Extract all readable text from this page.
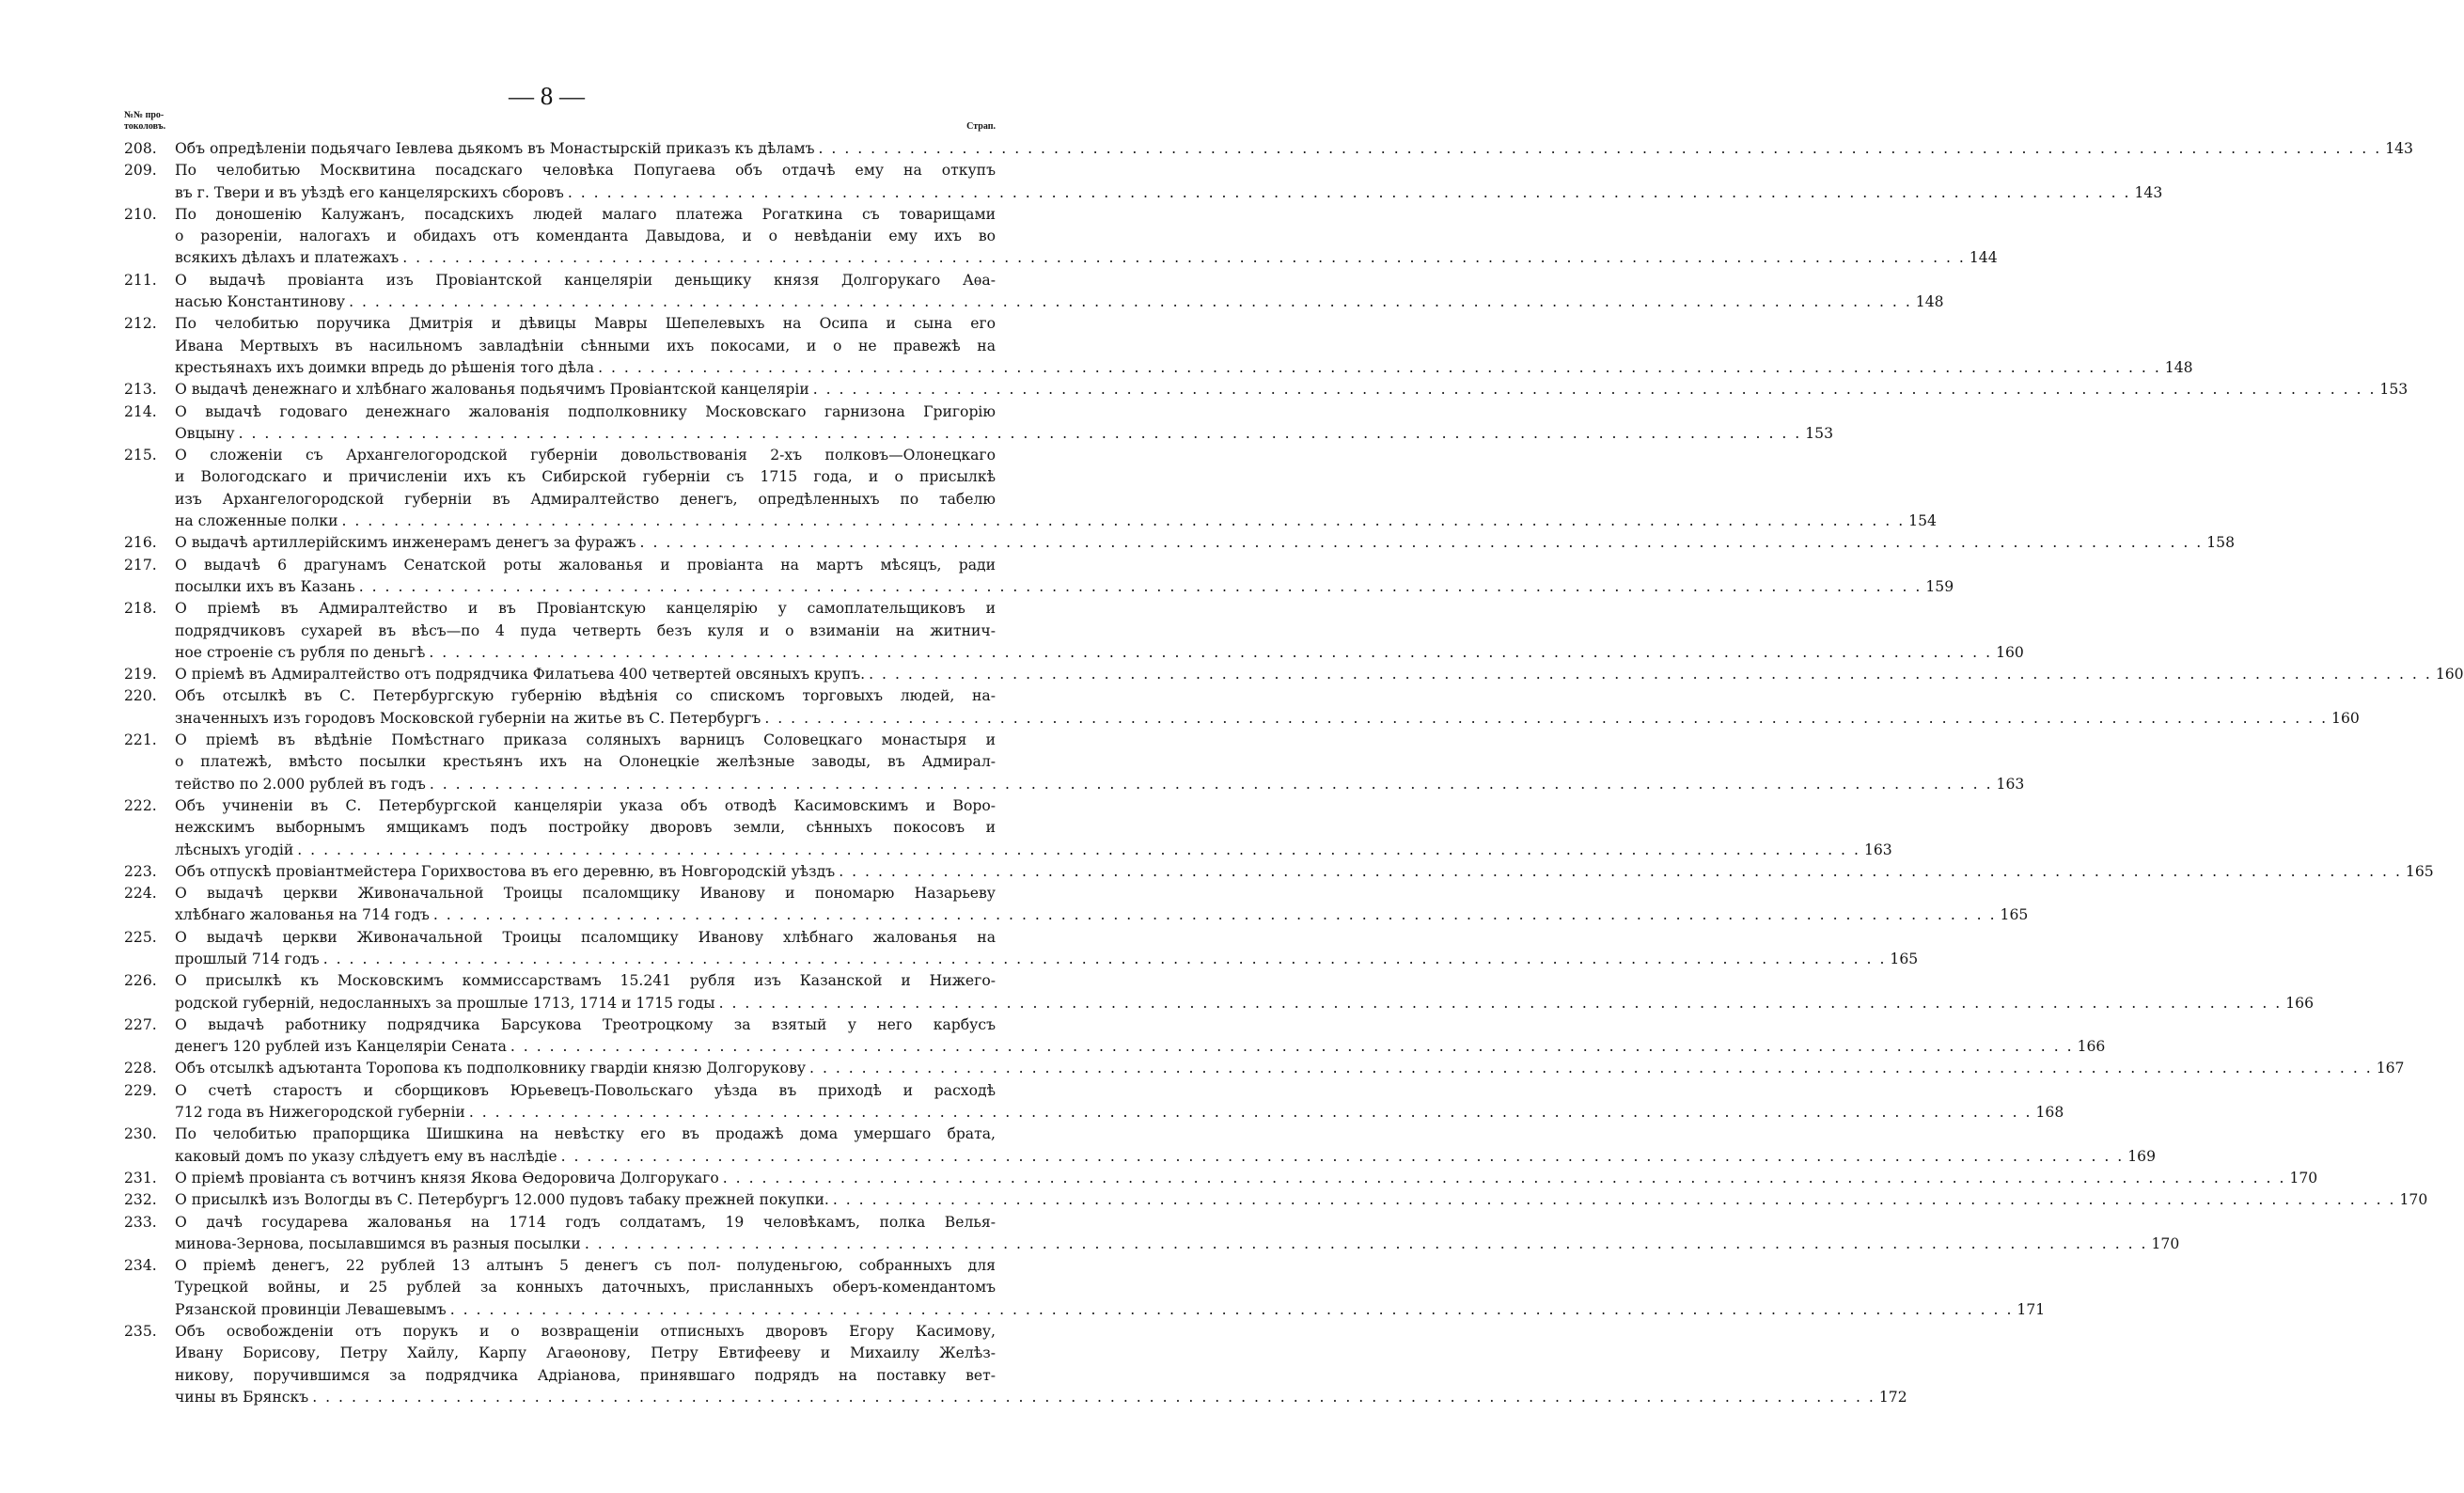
— 8 —
№№ про-
токоловъ.	Страп.
208.	Объ опредѣленіи подьячаго Іевлева дьякомъ въ Монастырскій приказъ къ дѣламъ . . . . . . . . . . . . . . . . . . . . . . . . . . . . . . . . . . . . . . . . . . . . . . . . . . . . . . . . . . . . . . . . . . . . . . . . . . . . . . . . . . . . . . . . . . . . . . . . . . . . . . . . . . . . . . . . . . . . . . . . 143
209.	По челобитью Москвитина посадскаго человѣка Попугаева объ отдачѣ ему на откупъ
въ г. Твери и въ уѣздѣ его канцелярскихъ сборовъ . . . . . . . . . . . . . . . . . . . . . . . . . . . . . . . . . . . . . . . . . . . . . . . . . . . . . . . . . . . . . . . . . . . . . . . . . . . . . . . . . . . . . . . . . . . . . . . . . . . . . . . . . . . . . . . . . . . . . . . . 143
210.	По доношенію Калужанъ, посадскихъ людей малаго платежа Рогаткина съ товарищами
о разореніи, налогахъ и обидахъ отъ коменданта Давыдова, и о невѣданіи ему ихъ во
всякихъ дѣлахъ и платежахъ . . . . . . . . . . . . . . . . . . . . . . . . . . . . . . . . . . . . . . . . . . . . . . . . . . . . . . . . . . . . . . . . . . . . . . . . . . . . . . . . . . . . . . . . . . . . . . . . . . . . . . . . . . . . . . . . . . . . . . . . 144
211.	О выдачѣ провіанта изъ Провіантской канцеляріи деньщику князя Долгорукаго Аѳа-
насью Константинову . . . . . . . . . . . . . . . . . . . . . . . . . . . . . . . . . . . . . . . . . . . . . . . . . . . . . . . . . . . . . . . . . . . . . . . . . . . . . . . . . . . . . . . . . . . . . . . . . . . . . . . . . . . . . . . . . . . . . . . . 148
212.	По челобитью поручика Дмитрія и дѣвицы Мавры Шепелевыхъ на Осипа и сына его
Ивана Мертвыхъ въ насильномъ завладѣніи сѣнными ихъ покосами, и о не правежѣ на
крестьянахъ ихъ доимки впредь до рѣшенія того дѣла . . . . . . . . . . . . . . . . . . . . . . . . . . . . . . . . . . . . . . . . . . . . . . . . . . . . . . . . . . . . . . . . . . . . . . . . . . . . . . . . . . . . . . . . . . . . . . . . . . . . . . . . . . . . . . . . . . . . . . . . 148
213.	О выдачѣ денежнаго и хлѣбнаго жалованья подьячимъ Провіантской канцеляріи . . . . . . . . . . . . . . . . . . . . . . . . . . . . . . . . . . . . . . . . . . . . . . . . . . . . . . . . . . . . . . . . . . . . . . . . . . . . . . . . . . . . . . . . . . . . . . . . . . . . . . . . . . . . . . . . . . . . . . . . 153
214.	О выдачѣ годоваго денежнаго жалованія подполковнику Московскаго гарнизона Григорію
Овцыну . . . . . . . . . . . . . . . . . . . . . . . . . . . . . . . . . . . . . . . . . . . . . . . . . . . . . . . . . . . . . . . . . . . . . . . . . . . . . . . . . . . . . . . . . . . . . . . . . . . . . . . . . . . . . . . . . . . . . . . . 153
215.	О сложеніи съ Архангелогородской губерніи довольствованія 2-хъ полковъ—Олонецкаго
и Вологодскаго и причисленіи ихъ къ Сибирской губерніи съ 1715 года, и о присылкѣ
изъ Архангелогородской губерніи въ Адмиралтейство денегъ, опредѣленныхъ по табелю
на сложенные полки . . . . . . . . . . . . . . . . . . . . . . . . . . . . . . . . . . . . . . . . . . . . . . . . . . . . . . . . . . . . . . . . . . . . . . . . . . . . . . . . . . . . . . . . . . . . . . . . . . . . . . . . . . . . . . . . . . . . . . . . 154
216.	О выдачѣ артиллерійскимъ инженерамъ денегъ за фуражъ . . . . . . . . . . . . . . . . . . . . . . . . . . . . . . . . . . . . . . . . . . . . . . . . . . . . . . . . . . . . . . . . . . . . . . . . . . . . . . . . . . . . . . . . . . . . . . . . . . . . . . . . . . . . . . . . . . . . . . . . 158
217.	О выдачѣ 6 драгунамъ Сенатской роты жалованья и провіанта на мартъ мѣсяцъ, ради
посылки ихъ въ Казань . . . . . . . . . . . . . . . . . . . . . . . . . . . . . . . . . . . . . . . . . . . . . . . . . . . . . . . . . . . . . . . . . . . . . . . . . . . . . . . . . . . . . . . . . . . . . . . . . . . . . . . . . . . . . . . . . . . . . . . . 159
218.	О пріемѣ въ Адмиралтейство и въ Провіантскую канцелярію у самоплательщиковъ и
подрядчиковъ сухарей въ вѣсъ—по 4 пуда четверть безъ куля и о взиманіи на житнич-
ное строеніе съ рубля по деньгѣ . . . . . . . . . . . . . . . . . . . . . . . . . . . . . . . . . . . . . . . . . . . . . . . . . . . . . . . . . . . . . . . . . . . . . . . . . . . . . . . . . . . . . . . . . . . . . . . . . . . . . . . . . . . . . . . . . . . . . . . . 160
219.	О пріемѣ въ Адмиралтейство отъ подрядчика Филатьева 400 четвертей овсяныхъ крупъ. . . . . . . . . . . . . . . . . . . . . . . . . . . . . . . . . . . . . . . . . . . . . . . . . . . . . . . . . . . . . . . . . . . . . . . . . . . . . . . . . . . . . . . . . . . . . . . . . . . . . . . . . . . . . . . . . . . . . . . . . 160
220.	Объ отсылкѣ въ С. Петербургскую губернію вѣдѣнія со спискомъ торговыхъ людей, на-
значенныхъ изъ городовъ Московской губерніи на житье въ С. Петербургъ . . . . . . . . . . . . . . . . . . . . . . . . . . . . . . . . . . . . . . . . . . . . . . . . . . . . . . . . . . . . . . . . . . . . . . . . . . . . . . . . . . . . . . . . . . . . . . . . . . . . . . . . . . . . . . . . . . . . . . . . 160
221.	О пріемѣ въ вѣдѣніе Помѣстнаго приказа соляныхъ варницъ Соловецкаго монастыря и
о платежѣ, вмѣсто посылки крестьянъ ихъ на Олонецкіе желѣзные заводы, въ Адмирал-
тейство по 2.000 рублей въ годъ . . . . . . . . . . . . . . . . . . . . . . . . . . . . . . . . . . . . . . . . . . . . . . . . . . . . . . . . . . . . . . . . . . . . . . . . . . . . . . . . . . . . . . . . . . . . . . . . . . . . . . . . . . . . . . . . . . . . . . . . 163
222.	Объ учиненіи въ С. Петербургской канцеляріи указа объ отводѣ Касимовскимъ и Воро-
нежскимъ выборнымъ ямщикамъ подъ постройку дворовъ земли, сѣнныхъ покосовъ и
лѣсныхъ угодій . . . . . . . . . . . . . . . . . . . . . . . . . . . . . . . . . . . . . . . . . . . . . . . . . . . . . . . . . . . . . . . . . . . . . . . . . . . . . . . . . . . . . . . . . . . . . . . . . . . . . . . . . . . . . . . . . . . . . . . . 163
223.	Объ отпускѣ провіантмейстера Горихвостова въ его деревню, въ Новгородскій уѣздъ . . . . . . . . . . . . . . . . . . . . . . . . . . . . . . . . . . . . . . . . . . . . . . . . . . . . . . . . . . . . . . . . . . . . . . . . . . . . . . . . . . . . . . . . . . . . . . . . . . . . . . . . . . . . . . . . . . . . . . . . 165
224.	О выдачѣ церкви Живоначальной Троицы псаломщику Иванову и пономарю Назарьеву
хлѣбнаго жалованья на 714 годъ . . . . . . . . . . . . . . . . . . . . . . . . . . . . . . . . . . . . . . . . . . . . . . . . . . . . . . . . . . . . . . . . . . . . . . . . . . . . . . . . . . . . . . . . . . . . . . . . . . . . . . . . . . . . . . . . . . . . . . . . 165
225.	О выдачѣ церкви Живоначальной Троицы псаломщику Иванову хлѣбнаго жалованья на
прошлый 714 годъ . . . . . . . . . . . . . . . . . . . . . . . . . . . . . . . . . . . . . . . . . . . . . . . . . . . . . . . . . . . . . . . . . . . . . . . . . . . . . . . . . . . . . . . . . . . . . . . . . . . . . . . . . . . . . . . . . . . . . . . . 165
226.	О присылкѣ къ Московскимъ коммиссарствамъ 15.241 рубля изъ Казанской и Нижего-
родской губерній, недосланныхъ за прошлые 1713, 1714 и 1715 годы . . . . . . . . . . . . . . . . . . . . . . . . . . . . . . . . . . . . . . . . . . . . . . . . . . . . . . . . . . . . . . . . . . . . . . . . . . . . . . . . . . . . . . . . . . . . . . . . . . . . . . . . . . . . . . . . . . . . . . . . 166
227.	О выдачѣ работнику подрядчика Барсукова Треотроцкому за взятый у него карбусъ
денегъ 120 рублей изъ Канцеляріи Сената . . . . . . . . . . . . . . . . . . . . . . . . . . . . . . . . . . . . . . . . . . . . . . . . . . . . . . . . . . . . . . . . . . . . . . . . . . . . . . . . . . . . . . . . . . . . . . . . . . . . . . . . . . . . . . . . . . . . . . . . 166
228.	Объ отсылкѣ адъютанта Торопова къ подполковнику гвардіи князю Долгорукову . . . . . . . . . . . . . . . . . . . . . . . . . . . . . . . . . . . . . . . . . . . . . . . . . . . . . . . . . . . . . . . . . . . . . . . . . . . . . . . . . . . . . . . . . . . . . . . . . . . . . . . . . . . . . . . . . . . . . . . . 167
229.	О счетѣ старостъ и сборщиковъ Юрьевецъ-Повольскаго уѣзда въ приходѣ и расходѣ
712 года въ Нижегородской губерніи . . . . . . . . . . . . . . . . . . . . . . . . . . . . . . . . . . . . . . . . . . . . . . . . . . . . . . . . . . . . . . . . . . . . . . . . . . . . . . . . . . . . . . . . . . . . . . . . . . . . . . . . . . . . . . . . . . . . . . . . 168
230.	По челобитью прапорщика Шишкина на невѣстку его въ продажѣ дома умершаго брата,
каковый домъ по указу слѣдуетъ ему въ наслѣдіе . . . . . . . . . . . . . . . . . . . . . . . . . . . . . . . . . . . . . . . . . . . . . . . . . . . . . . . . . . . . . . . . . . . . . . . . . . . . . . . . . . . . . . . . . . . . . . . . . . . . . . . . . . . . . . . . . . . . . . . . 169
231.	О пріемѣ провіанта съ вотчинъ князя Якова Ѳедоровича Долгорукаго . . . . . . . . . . . . . . . . . . . . . . . . . . . . . . . . . . . . . . . . . . . . . . . . . . . . . . . . . . . . . . . . . . . . . . . . . . . . . . . . . . . . . . . . . . . . . . . . . . . . . . . . . . . . . . . . . . . . . . . . 170
232.	О присылкѣ изъ Вологды въ С. Петербургъ 12.000 пудовъ табаку прежней покупки. . . . . . . . . . . . . . . . . . . . . . . . . . . . . . . . . . . . . . . . . . . . . . . . . . . . . . . . . . . . . . . . . . . . . . . . . . . . . . . . . . . . . . . . . . . . . . . . . . . . . . . . . . . . . . . . . . . . . . . . . 170
233.	О дачѣ государева жалованья на 1714 годъ солдатамъ, 19 человѣкамъ, полка Велья-
минова-Зернова, посылавшимся въ разныя посылки . . . . . . . . . . . . . . . . . . . . . . . . . . . . . . . . . . . . . . . . . . . . . . . . . . . . . . . . . . . . . . . . . . . . . . . . . . . . . . . . . . . . . . . . . . . . . . . . . . . . . . . . . . . . . . . . . . . . . . . . 170
234.	О пріемѣ денегъ, 22 рублей 13 алтынъ 5 денегъ съ пол- полуденьгою, собранныхъ для
Турецкой войны, и 25 рублей за конныхъ даточныхъ, присланныхъ оберъ-комендантомъ
Рязанской провинціи Левашевымъ . . . . . . . . . . . . . . . . . . . . . . . . . . . . . . . . . . . . . . . . . . . . . . . . . . . . . . . . . . . . . . . . . . . . . . . . . . . . . . . . . . . . . . . . . . . . . . . . . . . . . . . . . . . . . . . . . . . . . . . . 171
235.	Объ освобожденіи отъ порукъ и о возвращеніи отписныхъ дворовъ Егору Касимову,
Ивану Борисову, Петру Хайлу, Карпу Агаѳонову, Петру Евтифееву и Михаилу Желѣз-
никову, поручившимся за подрядчика Адріанова, принявшаго подрядъ на поставку вет-
чины въ Брянскъ . . . . . . . . . . . . . . . . . . . . . . . . . . . . . . . . . . . . . . . . . . . . . . . . . . . . . . . . . . . . . . . . . . . . . . . . . . . . . . . . . . . . . . . . . . . . . . . . . . . . . . . . . . . . . . . . . . . . . . . . 172
